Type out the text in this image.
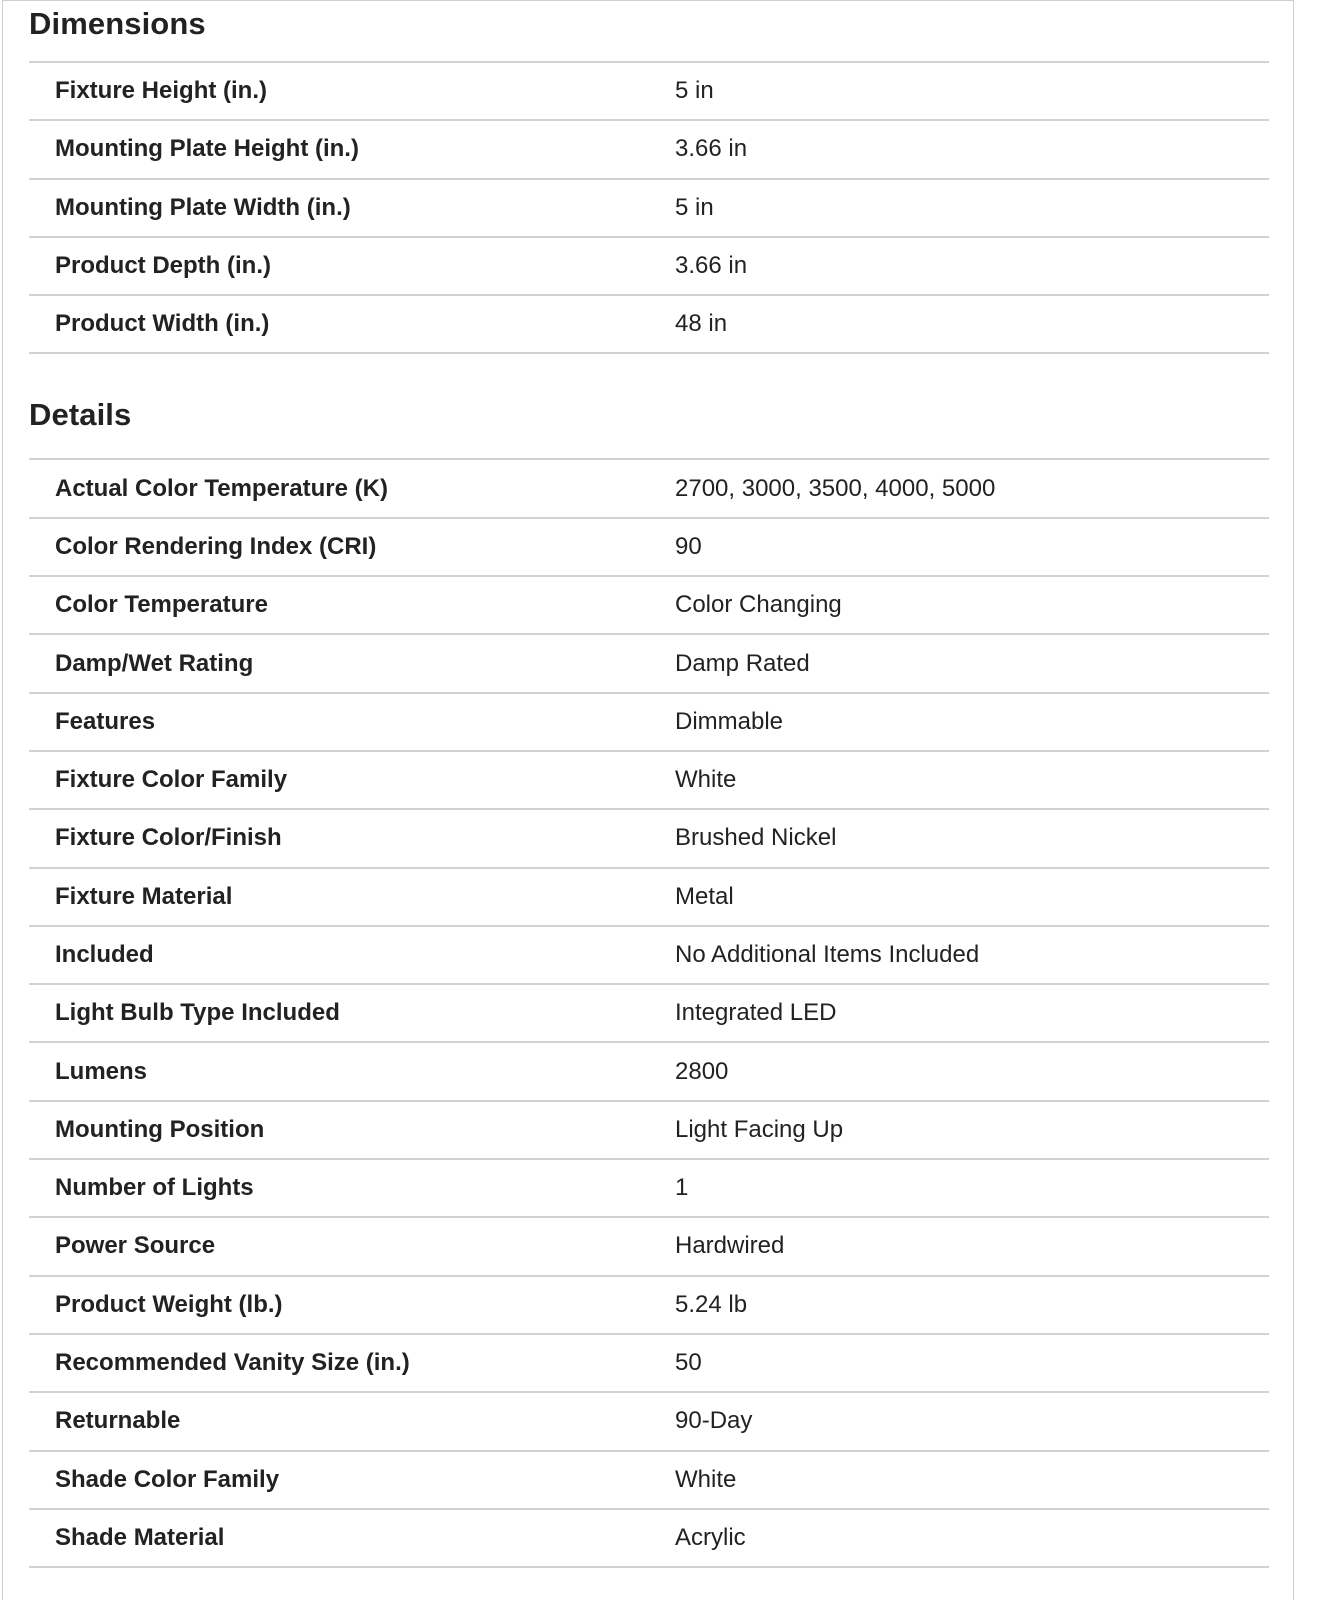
Dimensions
Fixture Height (in.)	5 in
Mounting Plate Height (in.)	3.66 in
Mounting Plate Width (in.)	5 in
Product Depth (in.)	3.66 in
Product Width (in.)	48 in
Details
Actual Color Temperature (K)	2700, 3000, 3500, 4000, 5000
Color Rendering Index (CRI)	90
Color Temperature	Color Changing
Damp/Wet Rating	Damp Rated
Features	Dimmable
Fixture Color Family	White
Fixture Color/Finish	Brushed Nickel
Fixture Material	Metal
Included	No Additional Items Included
Light Bulb Type Included	Integrated LED
Lumens	2800
Mounting Position	Light Facing Up
Number of Lights	1
Power Source	Hardwired
Product Weight (lb.)	5.24 lb
Recommended Vanity Size (in.)	50
Returnable	90-Day
Shade Color Family	White
Shade Material	Acrylic
